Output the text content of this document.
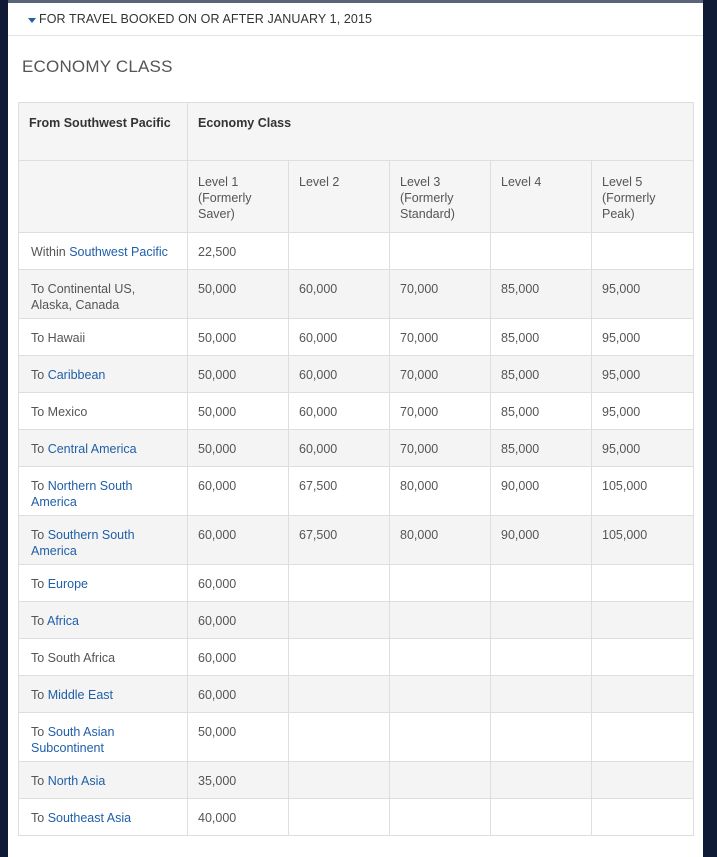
FOR TRAVEL BOOKED ON OR AFTER JANUARY 1, 2015
ECONOMY CLASS
From Southwest Pacific	Economy Class				
	Level 1 (Formerly Saver)	Level 2	Level 3 (Formerly Standard)	Level 4	Level 5 (Formerly Peak)
Within Southwest Pacific	22,500				
To Continental US, Alaska, Canada	50,000	60,000	70,000	85,000	95,000
To Hawaii	50,000	60,000	70,000	85,000	95,000
To Caribbean	50,000	60,000	70,000	85,000	95,000
To Mexico	50,000	60,000	70,000	85,000	95,000
To Central America	50,000	60,000	70,000	85,000	95,000
To Northern South America	60,000	67,500	80,000	90,000	105,000
To Southern South America	60,000	67,500	80,000	90,000	105,000
To Europe	60,000				
To Africa	60,000				
To South Africa	60,000				
To Middle East	60,000				
To South Asian Subcontinent	50,000				
To North Asia	35,000				
To Southeast Asia	40,000				
